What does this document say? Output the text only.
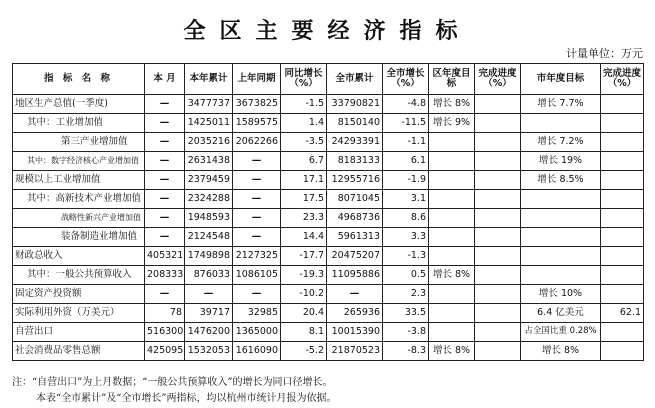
全区主要经济指标
计量单位：万元
指 标 名 称	本 月	本年累计	上年同期	同比增长（%）	全市累计	全市增长（%）	区年度目标	完成进度（%）	市年度目标	完成进度（%）
地区生产总值(一季度)	—	3477737	3673825	-1.5	33790821	-4.8	增长 8%		增长 7.7%	
其中：工业增加值	—	1425011	1589575	1.4	8150140	-11.5	增长 9%			
第三产业增加值	—	2035216	2062266	-3.5	24293391	-1.1			增长 7.2%	
其中：数字经济核心产业增加值	—	2631438	—	6.7	8183133	6.1			增长 19%	
规模以上工业增加值	—	2379459	—	17.1	12955716	-1.9			增长 8.5%	
其中：高新技术产业增加值	—	2324288	—	17.5	8071045	3.1				
战略性新兴产业增加值	—	1948593	—	23.3	4968736	8.6				
装备制造业增加值	—	2124548	—	14.4	5961313	3.3				
财政总收入	405321	1749898	2127325	-17.7	20475207	-1.3				
其中：一般公共预算收入	208333	876033	1086105	-19.3	11095886	0.5	增长 8%			
固定资产投资额	—	—	—	-10.2	—	2.3			增长 10%	
实际利用外资（万美元）	78	39717	32985	20.4	265936	33.5			6.4 亿美元	62.1
自营出口	516300	1476200	1365000	8.1	10015390	-3.8			占全国比重 0.28%	
社会消费品零售总额	425095	1532053	1616090	-5.2	21870523	-8.3	增长 8%		增长 8%	
注：“自营出口”为上月数据；“一般公共预算收入”的增长为同口径增长。
本表“全市累计”及“全市增长”两指标，均以杭州市统计月报为依据。
